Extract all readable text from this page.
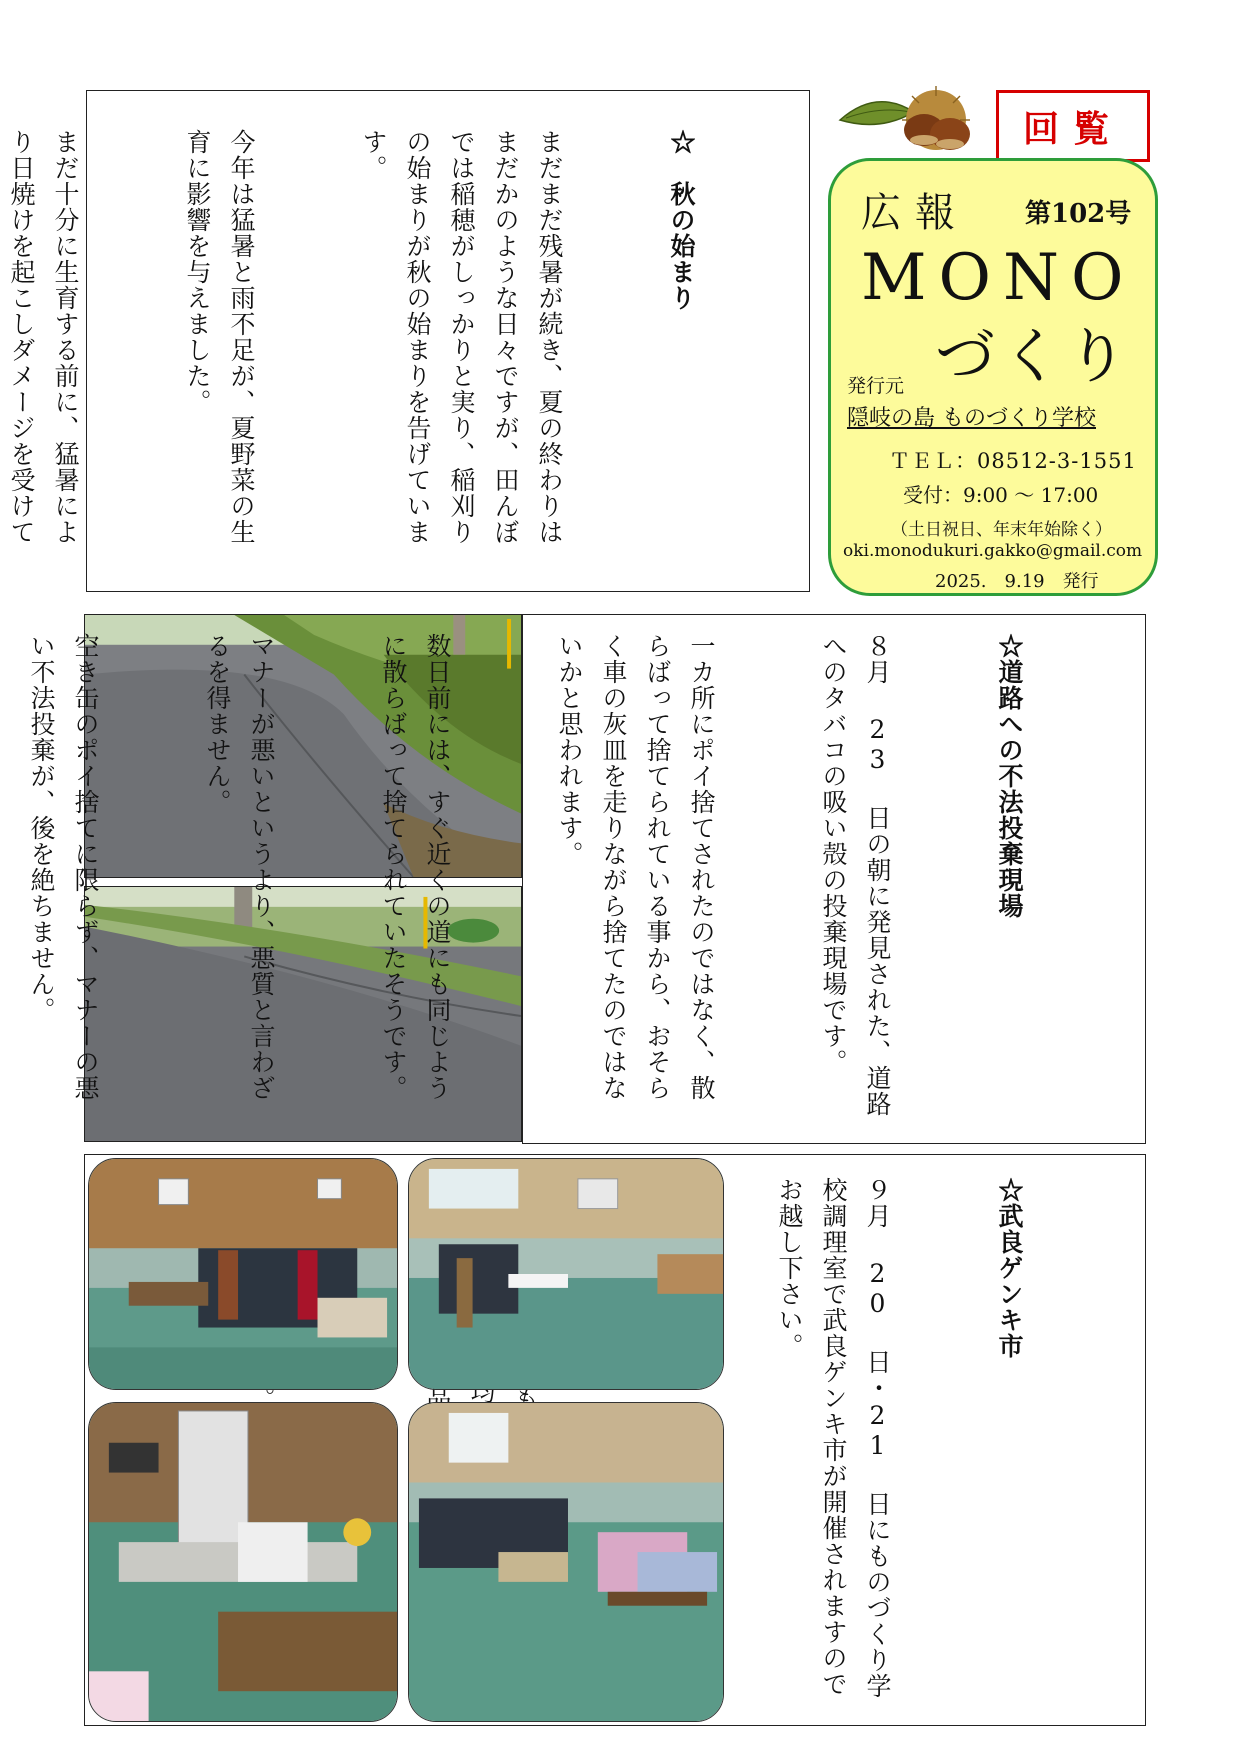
☆　秋の始まり

まだまだ残暑が続き、夏の終わりはまだかのような日々ですが、田んぼでは稲穂がしっかりと実り、稲刈りの始まりが秋の始まりを告げています。

今年は猛暑と雨不足が、夏野菜の生育に影響を与えました。

まだ十分に生育する前に、猛暑により日焼けを起こしダメージを受けて

回覧
広報 第102号
MONO
づくり
発行元
隠岐の島 ものづくり学校
ＴＥＬ：08512-3-1551
受付：9:00 ～ 17:00
（土日祝日、年末年始除く）
oki.monodukuri.gakko@gmail.com
2025.　9.19　発行

☆道路への不法投棄現場

８月 23 日の朝に発見された、道路へのタバコの吸い殻の投棄現場です。

一カ所にポイ捨てされたのではなく、散らばって捨てられている事から、おそらく車の灰皿を走りながら捨てたのではないかと思われます。

数日前には、すぐ近くの道にも同じように散らばって捨てられていたそうです。

マナーが悪いというより、悪質と言わざるを得ません。

空き缶のポイ捨てに限らず、マナーの悪い不法投棄が、後を絶ちません。

☆武良ゲンキ市

９月 20 日・21 日にものづくり学校調理室で武良ゲンキ市が開催されますのでお越し下さい。
